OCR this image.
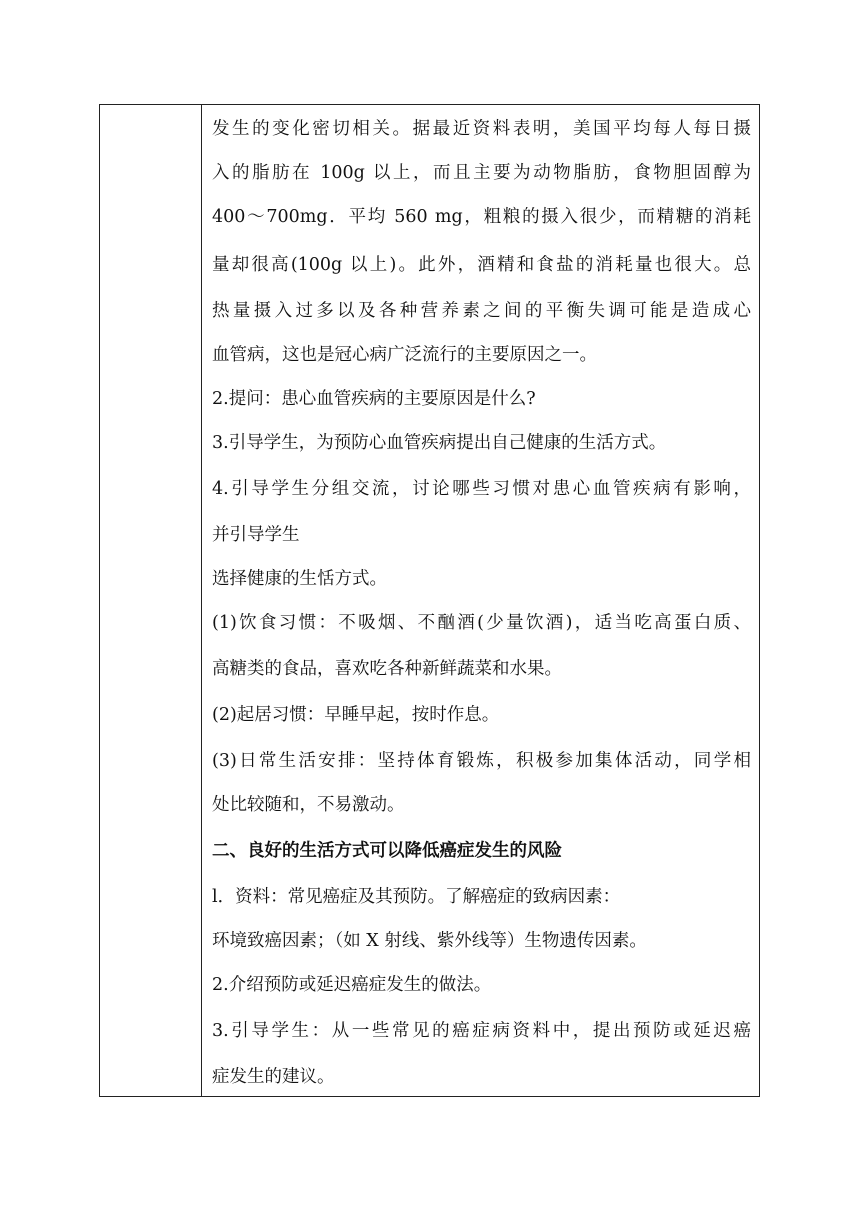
发生的变化密切相关。据最近资料表明，美国平均每人每日摄
入的脂肪在 100g 以上，而且主要为动物脂肪，食物胆固醇为
400～700mg．平均 560 mg，粗粮的摄入很少，而精糖的消耗
量却很高(100g 以上)。此外，酒精和食盐的消耗量也很大。总
热量摄入过多以及各种营养素之间的平衡失调可能是造成心
血管病，这也是冠心病广泛流行的主要原因之一。
2.提问：患心血管疾病的主要原因是什么?
3.引导学生，为预防心血管疾病提出自己健康的生活方式。
4.引导学生分组交流，讨论哪些习惯对患心血管疾病有影响，
并引导学生
选择健康的生恬方式。
(1)饮食习惯：不吸烟、不酗酒(少量饮酒)，适当吃高蛋白质、
高糖类的食品，喜欢吃各种新鲜蔬菜和水果。
(2)起居习惯：早睡早起，按时作息。
(3)日常生活安排：坚持体育锻炼，积极参加集体活动，同学相
处比较随和，不易激动。
二、良好的生活方式可以降低癌症发生的风险
l．资料：常见癌症及其预防。了解癌症的致病因素：
环境致癌因素；（如 X 射线、紫外线等）生物遗传因素。
2.介绍预防或延迟癌症发生的做法。
3.引导学生：从一些常见的癌症病资料中，提出预防或延迟癌
症发生的建议。
